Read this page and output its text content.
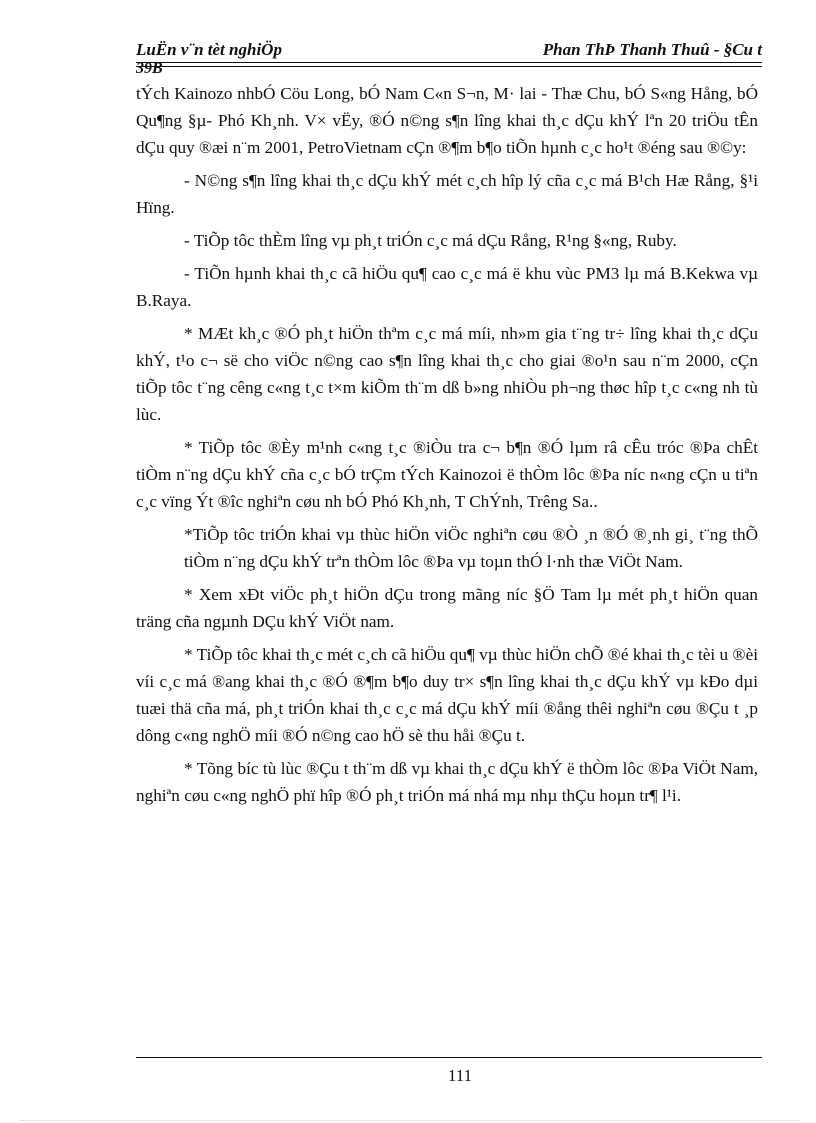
LuËn v¨n tèt nghiÖp
39B
Phan ThÞ Thanh Thuû - §Cu t

tÝch Kainozo nhbÓ Cöu Long, bÓ Nam C«n S¬n, M· lai - Thæ Chu, bÓ S«ng Hång, bÓ Qu¶ng §µ- Phó Kh¸nh. V× vËy, ®Ó n©ng s¶n lîng khai th¸c dÇu khÝ lªn 20 triÖu tÊn dÇu quy ®æi n¨m 2001, PetroVietnam cÇn ®¶m b¶o tiÕn hµnh c¸c ho¹t ®éng sau ®©y:

- N©ng s¶n lîng khai th¸c dÇu khÝ mét c¸ch hîp lý cña c¸c má B¹ch Hæ Rång, §¹i Hïng.

- TiÕp tôc thÈm lîng vµ ph¸t triÓn c¸c má dÇu Rång, R¹ng §«ng, Ruby.

- TiÕn hµnh khai th¸c cã hiÖu qu¶ cao c¸c má ë khu vùc PM3 lµ má B.Kekwa vµ B.Raya.

* MÆt kh¸c ®Ó ph¸t hiÖn thªm c¸c má míi, nh»m gia t¨ng tr÷ lîng khai th¸c dÇu khÝ, t¹o c¬ së cho viÖc n©ng cao s¶n lîng khai th¸c cho giai ®o¹n sau n¨m 2000, cÇn tiÕp tôc t¨ng cêng c«ng t¸c t×m kiÕm th¨m dß b»ng nhiÒu ph¬ng thøc hîp t¸c c«ng nh tù lùc.

* TiÕp tôc ®Èy m¹nh c«ng t¸c ®iÒu tra c¬ b¶n ®Ó lµm râ cÊu tróc ®Þa chÊt tiÒm n¨ng dÇu khÝ cña c¸c bÓ trÇm tÝch Kainozoi ë thÒm lôc ®Þa níc n«ng cÇn u tiªn c¸c vïng Ýt ®îc nghiªn cøu nh bÓ Phó Kh¸nh, T ChÝnh, Trêng Sa..

*TiÕp tôc triÓn khai vµ thùc hiÖn viÖc nghiªn cøu ®Ò ¸n ®Ó ®¸nh gi¸ t¨ng thÕ tiÒm n¨ng dÇu khÝ trªn thÒm lôc ®Þa vµ toµn thÓ l·nh thæ ViÖt Nam.

* Xem xÐt viÖc ph¸t hiÖn dÇu trong mãng níc §Ö Tam lµ mét ph¸t hiÖn quan träng cña ngµnh DÇu khÝ ViÖt nam.

* TiÕp tôc khai th¸c mét c¸ch cã hiÖu qu¶ vµ thùc hiÖn chÕ ®é khai th¸c tèi u ®èi víi c¸c má ®ang khai th¸c ®Ó ®¶m b¶o duy tr× s¶n lîng khai th¸c dÇu khÝ vµ kÐo dµi tuæi thä cña má, ph¸t triÓn khai th¸c c¸c má dÇu khÝ míi ®ång thêi nghiªn cøu ®Çu t ¸p dông c«ng nghÖ míi ®Ó n©ng cao hÖ sè thu håi ®Çu t.

* Tõng bíc tù lùc ®Çu t th¨m dß vµ khai th¸c dÇu khÝ ë thÒm lôc ®Þa ViÖt Nam, nghiªn cøu c«ng nghÖ phï hîp ®Ó ph¸t triÓn má nhá mµ nhµ thÇu hoµn tr¶ l¹i.

111
